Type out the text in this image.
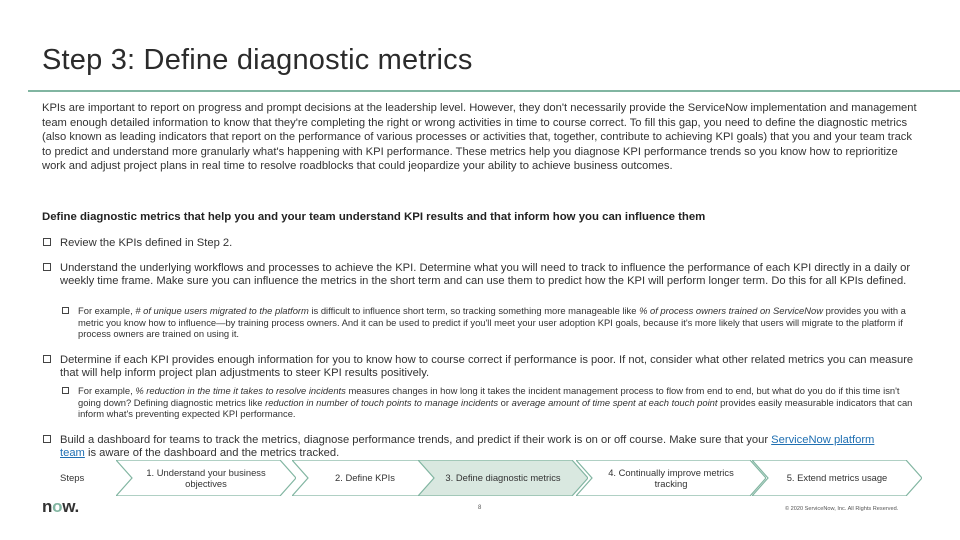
Step 3: Define diagnostic metrics
KPIs are important to report on progress and prompt decisions at the leadership level. However, they don't necessarily provide the ServiceNow implementation and management team enough detailed information to know that they're completing the right or wrong activities in time to course correct. To fill this gap, you need to define the diagnostic metrics (also known as leading indicators that report on the performance of various processes or activities that, together, contribute to achieving KPI goals) that you and your team track to predict and understand more granularly what's happening with KPI performance. These metrics help you diagnose KPI performance trends so you know how to reprioritize work and adjust project plans in real time to resolve roadblocks that could jeopardize your ability to achieve business outcomes.
Define diagnostic metrics that help you and your team understand KPI results and that inform how you can influence them
Review the KPIs defined in Step 2.
Understand the underlying workflows and processes to achieve the KPI. Determine what you will need to track to influence the performance of each KPI directly in a daily or weekly time frame. Make sure you can influence the metrics in the short term and can use them to predict how the KPI will perform longer term. Do this for all KPIs defined.
For example, # of unique users migrated to the platform is difficult to influence short term, so tracking something more manageable like % of process owners trained on ServiceNow provides you with a metric you know how to influence—by training process owners. And it can be used to predict if you'll meet your user adoption KPI goals, because it's more likely that users will migrate to the platform if process owners are trained on using it.
Determine if each KPI provides enough information for you to know how to course correct if performance is poor. If not, consider what other related metrics you can measure that will help inform project plan adjustments to steer KPI results positively.
For example, % reduction in the time it takes to resolve incidents measures changes in how long it takes the incident management process to flow from end to end, but what do you do if this time isn't going down? Defining diagnostic metrics like reduction in number of touch points to manage incidents or average amount of time spent at each touch point provides easily measurable indicators that can inform what's preventing expected KPI performance.
Build a dashboard for teams to track the metrics, diagnose performance trends, and predict if their work is on or off course. Make sure that your ServiceNow platform team is aware of the dashboard and the metrics tracked.
Steps
1. Understand your business objectives
2. Define KPIs	3. Define diagnostic metrics
4. Continually improve metrics tracking
5. Extend metrics usage
now.	8	© 2020 ServiceNow, Inc. All Rights Reserved.
